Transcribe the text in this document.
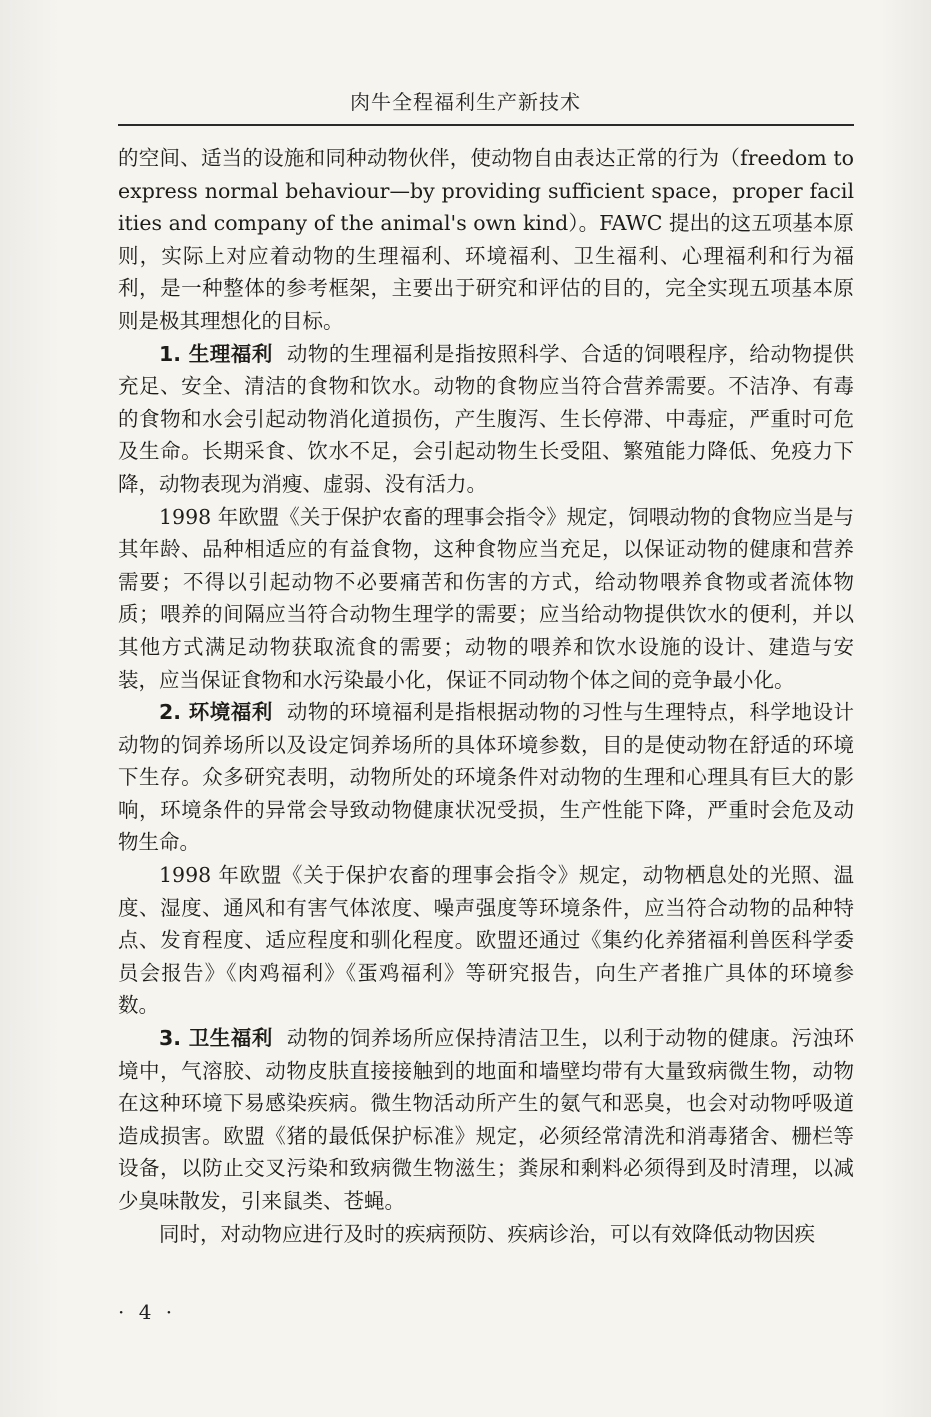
肉牛全程福利生产新技术

的空间、适当的设施和同种动物伙伴，使动物自由表达正常的行为（freedom to express normal behaviour—by providing sufficient space，proper facilities and company of the animal's own kind）。FAWC 提出的这五项基本原则，实际上对应着动物的生理福利、环境福利、卫生福利、心理福利和行为福利，是一种整体的参考框架，主要出于研究和评估的目的，完全实现五项基本原则是极其理想化的目标。

1. 生理福利 动物的生理福利是指按照科学、合适的饲喂程序，给动物提供充足、安全、清洁的食物和饮水。动物的食物应当符合营养需要。不洁净、有毒的食物和水会引起动物消化道损伤，产生腹泻、生长停滞、中毒症，严重时可危及生命。长期采食、饮水不足，会引起动物生长受阻、繁殖能力降低、免疫力下降，动物表现为消瘦、虚弱、没有活力。

1998 年欧盟《关于保护农畜的理事会指令》规定，饲喂动物的食物应当是与其年龄、品种相适应的有益食物，这种食物应当充足，以保证动物的健康和营养需要；不得以引起动物不必要痛苦和伤害的方式，给动物喂养食物或者流体物质；喂养的间隔应当符合动物生理学的需要；应当给动物提供饮水的便利，并以其他方式满足动物获取流食的需要；动物的喂养和饮水设施的设计、建造与安装，应当保证食物和水污染最小化，保证不同动物个体之间的竞争最小化。

2. 环境福利 动物的环境福利是指根据动物的习性与生理特点，科学地设计动物的饲养场所以及设定饲养场所的具体环境参数，目的是使动物在舒适的环境下生存。众多研究表明，动物所处的环境条件对动物的生理和心理具有巨大的影响，环境条件的异常会导致动物健康状况受损，生产性能下降，严重时会危及动物生命。

1998 年欧盟《关于保护农畜的理事会指令》规定，动物栖息处的光照、温度、湿度、通风和有害气体浓度、噪声强度等环境条件，应当符合动物的品种特点、发育程度、适应程度和驯化程度。欧盟还通过《集约化养猪福利兽医科学委员会报告》《肉鸡福利》《蛋鸡福利》等研究报告，向生产者推广具体的环境参数。

3. 卫生福利 动物的饲养场所应保持清洁卫生，以利于动物的健康。污浊环境中，气溶胶、动物皮肤直接接触到的地面和墙壁均带有大量致病微生物，动物在这种环境下易感染疾病。微生物活动所产生的氨气和恶臭，也会对动物呼吸道造成损害。欧盟《猪的最低保护标准》规定，必须经常清洗和消毒猪舍、栅栏等设备，以防止交叉污染和致病微生物滋生；粪尿和剩料必须得到及时清理，以减少臭味散发，引来鼠类、苍蝇。

同时，对动物应进行及时的疾病预防、疾病诊治，可以有效降低动物因疾

· 4 ·
